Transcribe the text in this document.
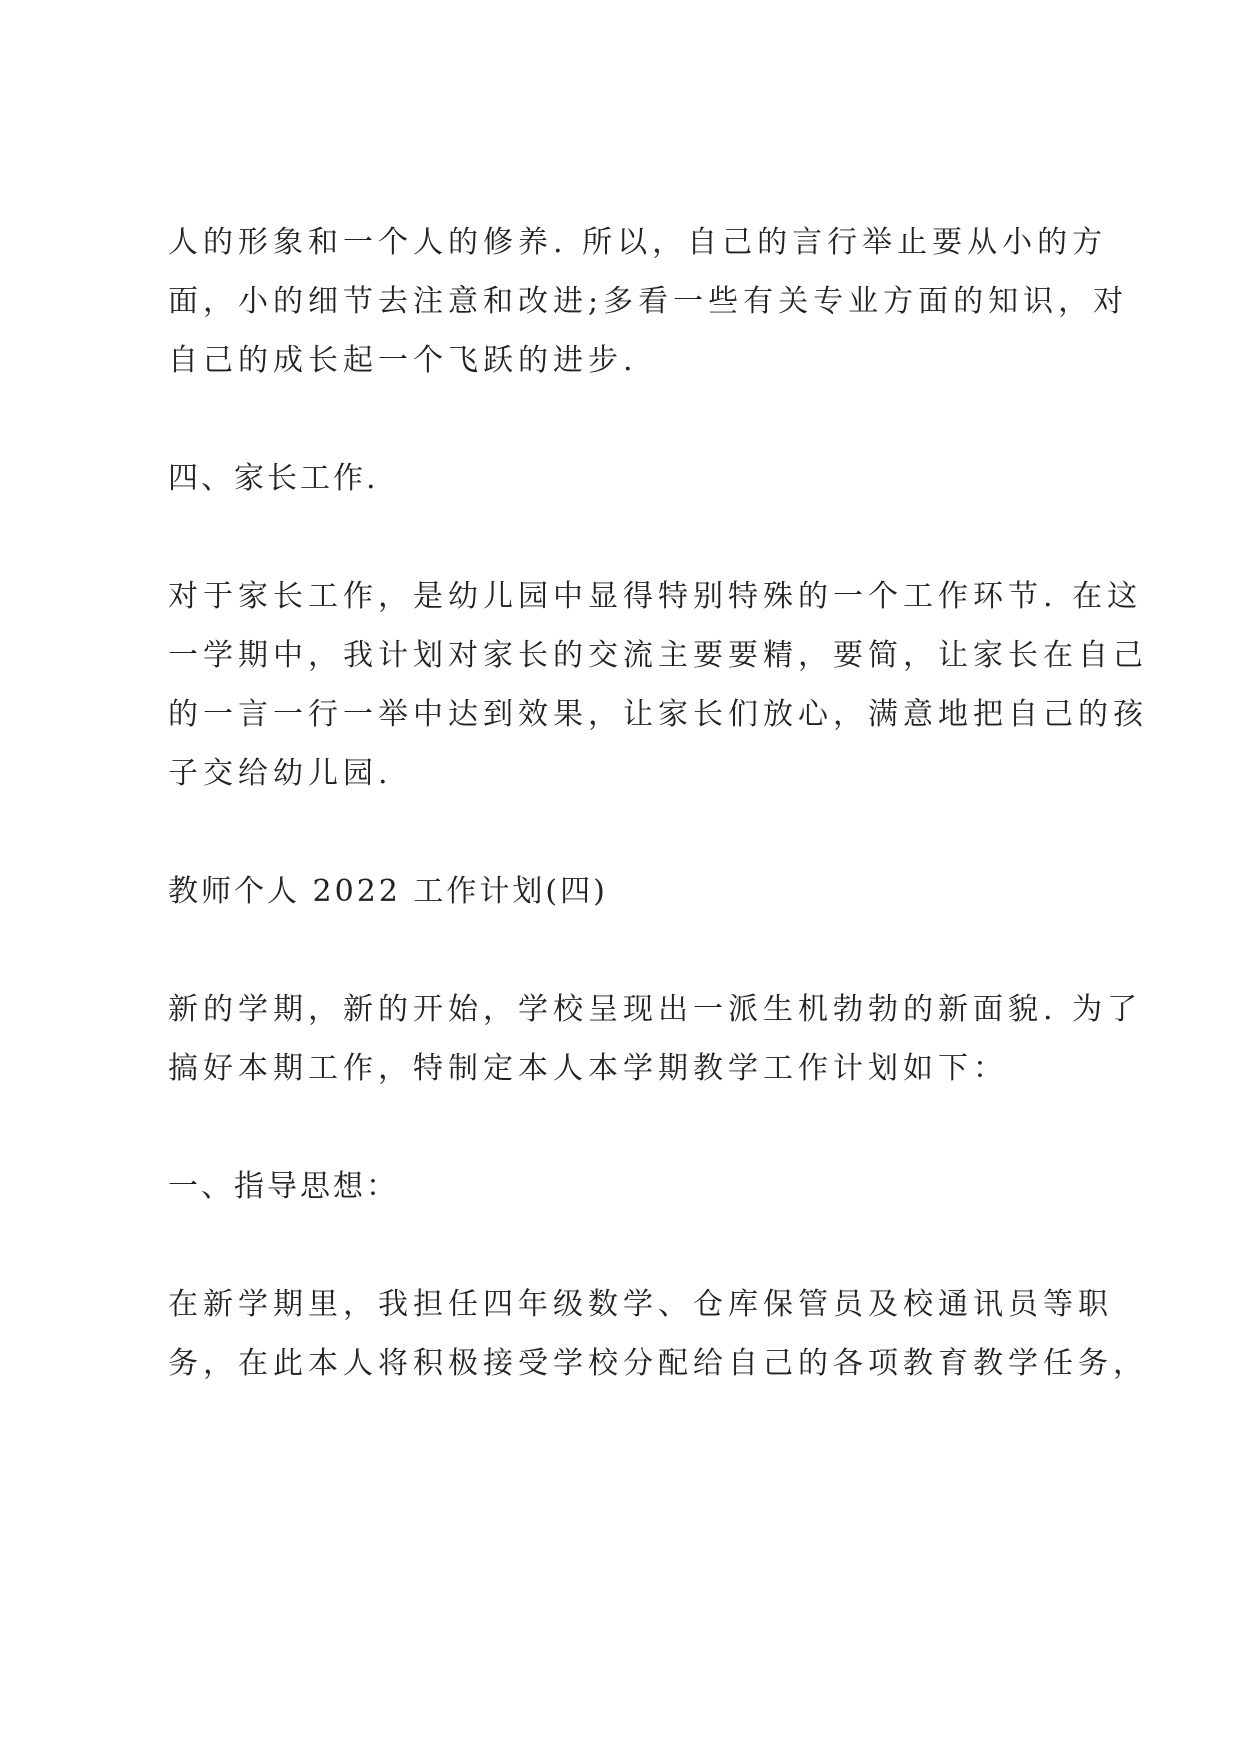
人的形象和一个人的修养. 所以，自己的言行举止要从小的方

面，小的细节去注意和改进;多看一些有关专业方面的知识，对

自己的成长起一个飞跃的进步.

四、家长工作.

对于家长工作，是幼儿园中显得特别特殊的一个工作环节. 在这

一学期中，我计划对家长的交流主要要精，要简，让家长在自己

的一言一行一举中达到效果，让家长们放心，满意地把自己的孩

子交给幼儿园.

教师个人 2022 工作计划(四)

新的学期，新的开始，学校呈现出一派生机勃勃的新面貌. 为了

搞好本期工作，特制定本人本学期教学工作计划如下：

一、指导思想：

在新学期里，我担任四年级数学、仓库保管员及校通讯员等职

务，在此本人将积极接受学校分配给自己的各项教育教学任务，
